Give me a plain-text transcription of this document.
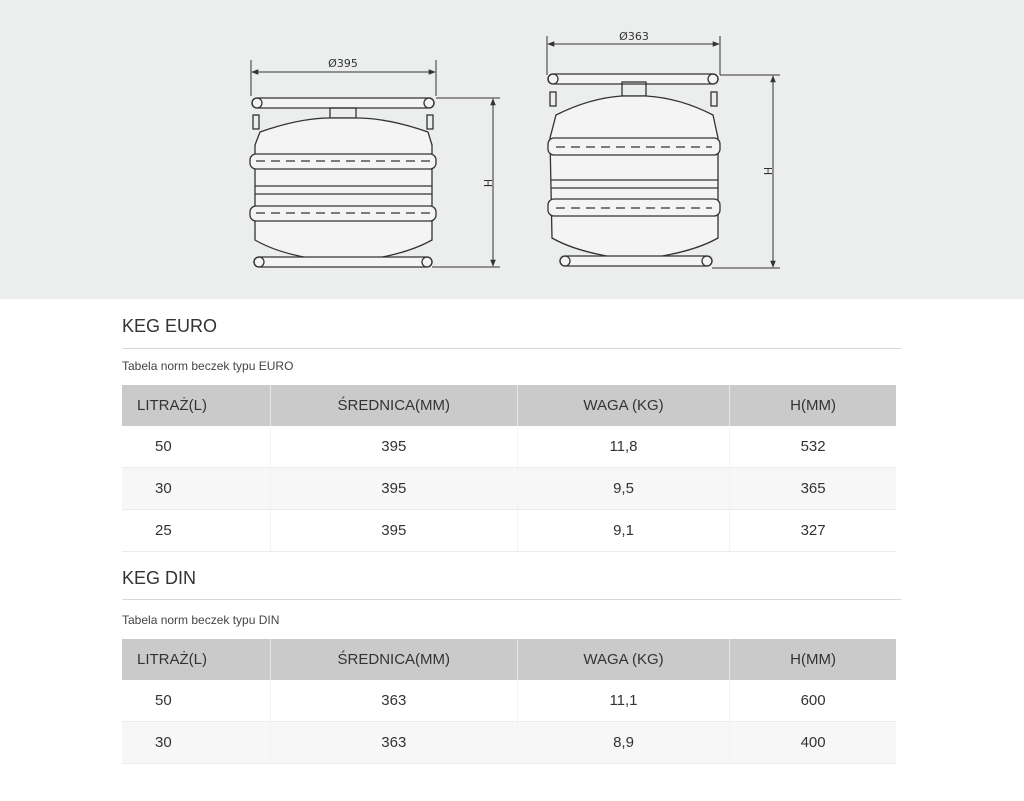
Ø395
H
Ø363
H
KEG EURO
Tabela norm beczek typu EURO
LITRAŻ(L)	ŚREDNICA(MM)	WAGA (KG)	H(MM)
50	395	11,8	532
30	395	9,5	365
25	395	9,1	327
KEG DIN
Tabela norm beczek typu DIN
LITRAŻ(L)	ŚREDNICA(MM)	WAGA (KG)	H(MM)
50	363	11,1	600
30	363	8,9	400
